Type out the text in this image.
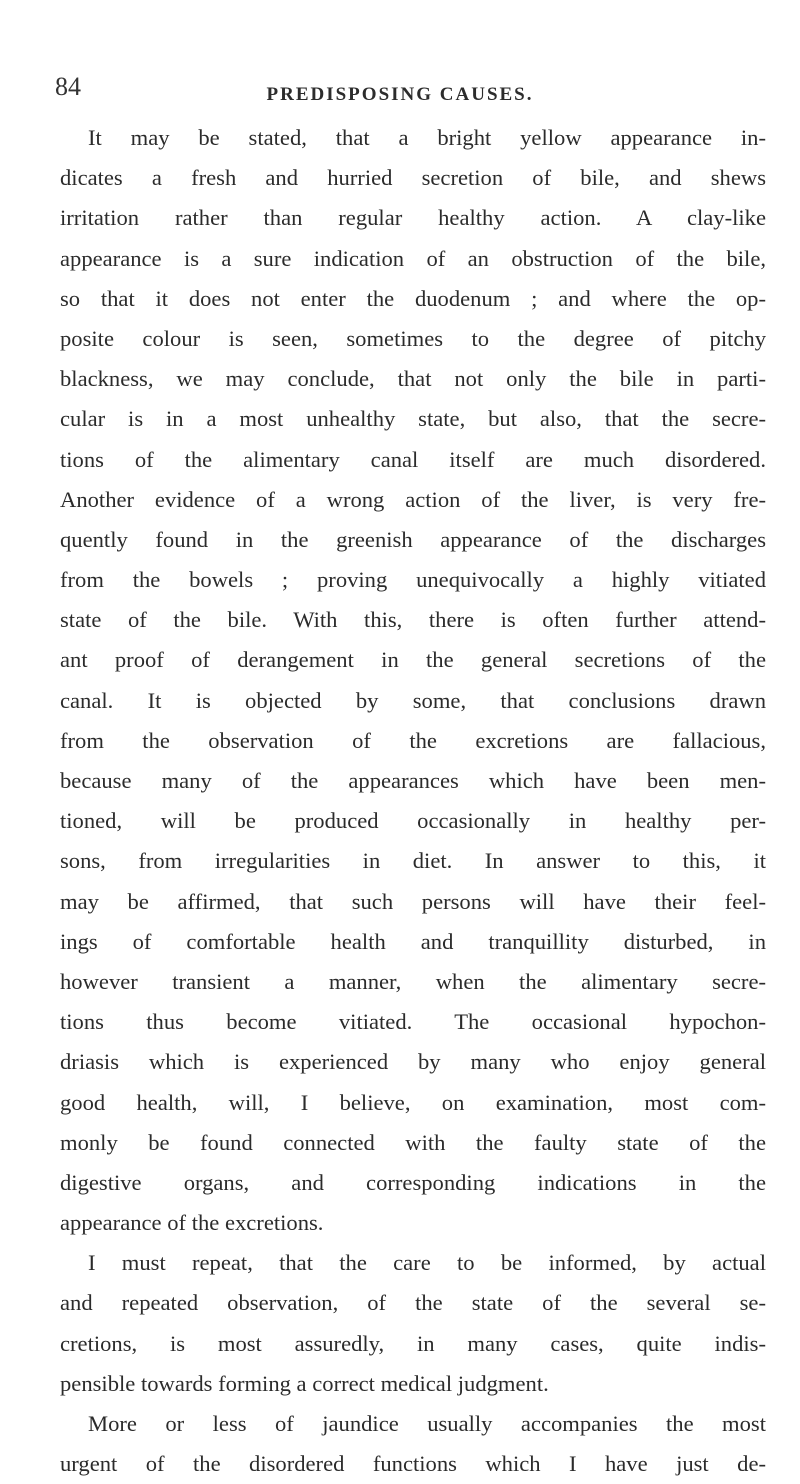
84	PREDISPOSING CAUSES.
It may be stated, that a bright yellow appearance in-
dicates a fresh and hurried secretion of bile, and shews
irritation rather than regular healthy action. A clay-like
appearance is a sure indication of an obstruction of the bile,
so that it does not enter the duodenum ; and where the op-
posite colour is seen, sometimes to the degree of pitchy
blackness, we may conclude, that not only the bile in parti-
cular is in a most unhealthy state, but also, that the secre-
tions of the alimentary canal itself are much disordered.
Another evidence of a wrong action of the liver, is very fre-
quently found in the greenish appearance of the discharges
from the bowels ; proving unequivocally a highly vitiated
state of the bile. With this, there is often further attend-
ant proof of derangement in the general secretions of the
canal. It is objected by some, that conclusions drawn
from the observation of the excretions are fallacious,
because many of the appearances which have been men-
tioned, will be produced occasionally in healthy per-
sons, from irregularities in diet. In answer to this, it
may be affirmed, that such persons will have their feel-
ings of comfortable health and tranquillity disturbed, in
however transient a manner, when the alimentary secre-
tions thus become vitiated. The occasional hypochon-
driasis which is experienced by many who enjoy general
good health, will, I believe, on examination, most com-
monly be found connected with the faulty state of the
digestive organs, and corresponding indications in the
appearance of the excretions.
I must repeat, that the care to be informed, by actual
and repeated observation, of the state of the several se-
cretions, is most assuredly, in many cases, quite indis-
pensible towards forming a correct medical judgment.
More or less of jaundice usually accompanies the most
urgent of the disordered functions which I have just de-
